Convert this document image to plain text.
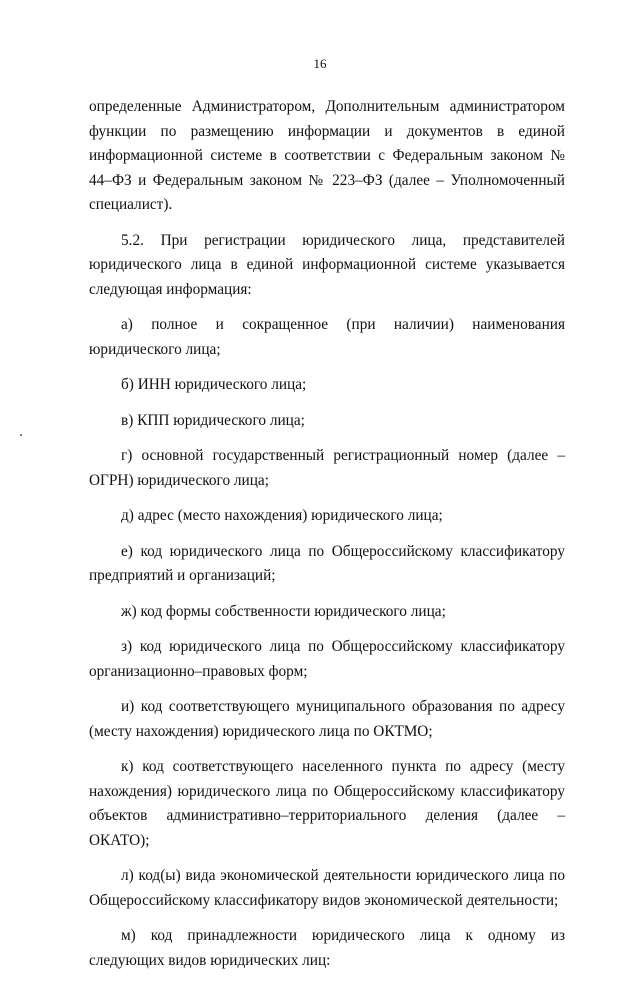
16

определенные Администратором, Дополнительным администратором функции по размещению информации и документов в единой информационной системе в соответствии с Федеральным законом № 44–ФЗ и Федеральным законом № 223–ФЗ (далее – Уполномоченный специалист).

5.2. При регистрации юридического лица, представителей юридического лица в единой информационной системе указывается следующая информация:

а) полное и сокращенное (при наличии) наименования юридического лица;

б) ИНН юридического лица;

в) КПП юридического лица;

г) основной государственный регистрационный номер (далее – ОГРН) юридического лица;

д) адрес (место нахождения) юридического лица;

е) код юридического лица по Общероссийскому классификатору предприятий и организаций;

ж) код формы собственности юридического лица;

з) код юридического лица по Общероссийскому классификатору организационно–правовых форм;

и) код соответствующего муниципального образования по адресу (месту нахождения) юридического лица по ОКТМО;

к) код соответствующего населенного пункта по адресу (месту нахождения) юридического лица по Общероссийскому классификатору объектов административно–территориального деления (далее – ОКАТО);

л) код(ы) вида экономической деятельности юридического лица по Общероссийскому классификатору видов экономической деятельности;

м) код принадлежности юридического лица к одному из следующих видов юридических лиц:
